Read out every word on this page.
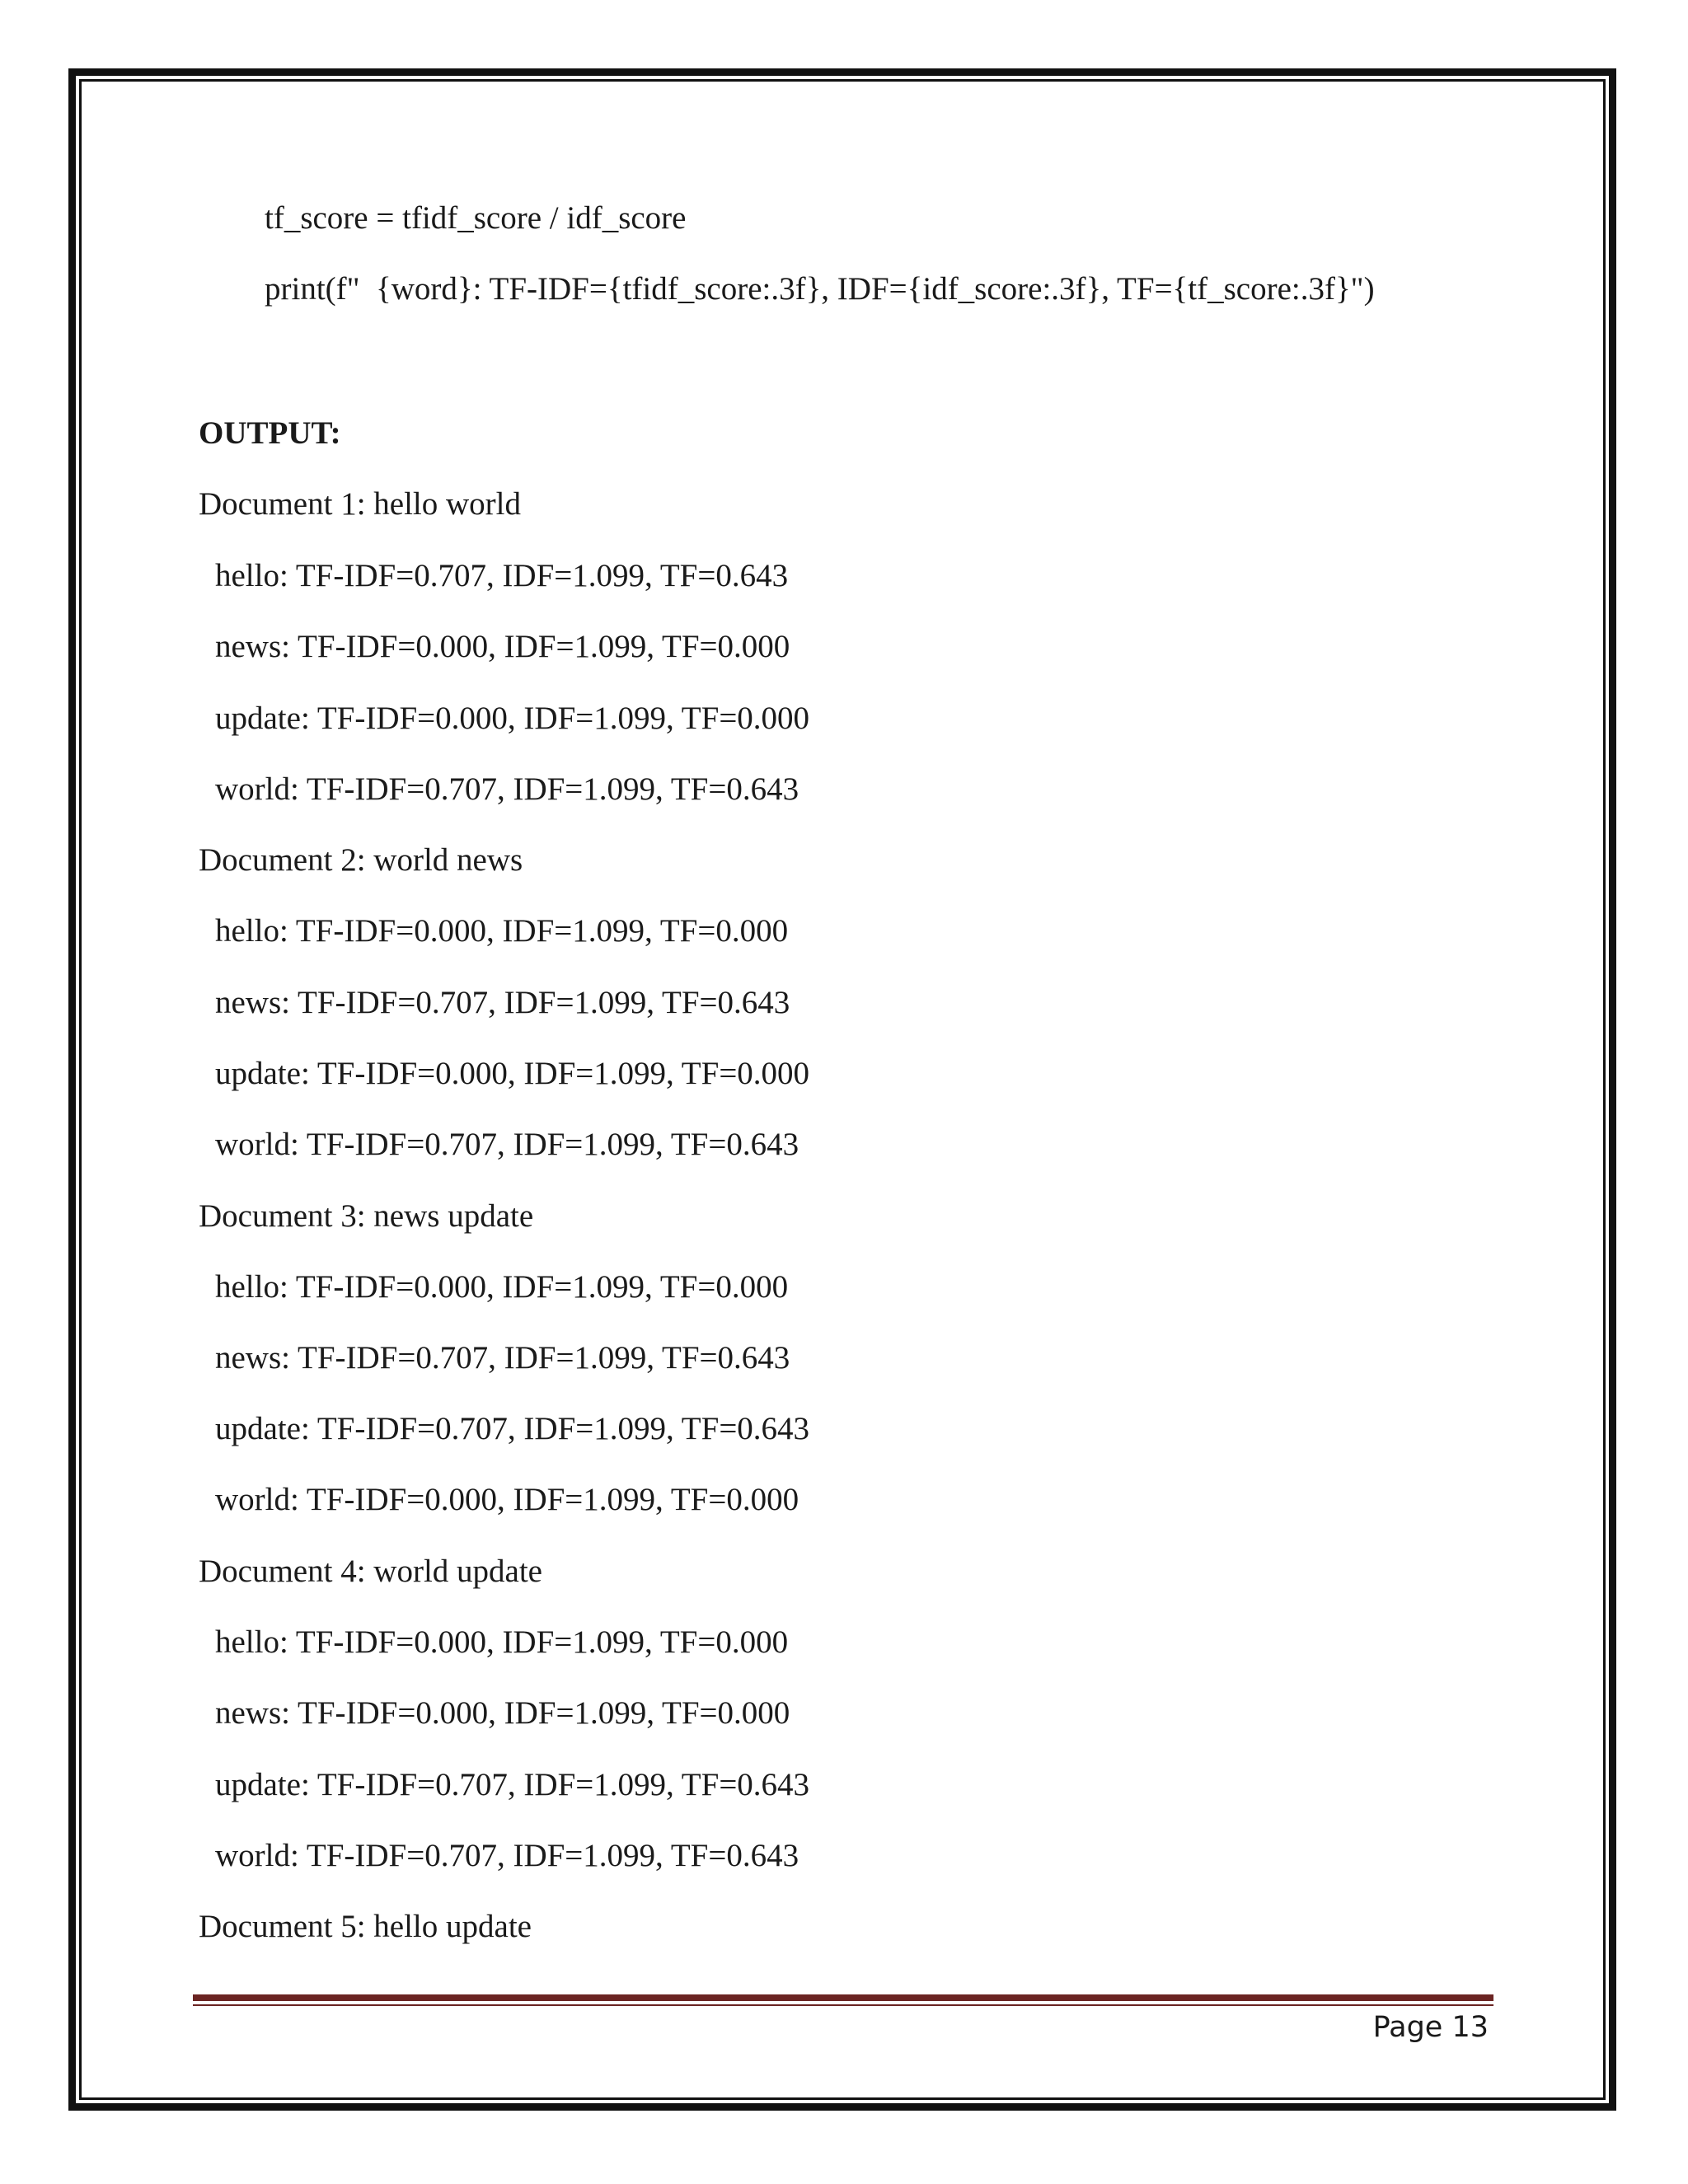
tf_score = tfidf_score / idf_score
print(f"  {word}: TF-IDF={tfidf_score:.3f}, IDF={idf_score:.3f}, TF={tf_score:.3f}")
OUTPUT:
Document 1: hello world
hello: TF-IDF=0.707, IDF=1.099, TF=0.643
news: TF-IDF=0.000, IDF=1.099, TF=0.000
update: TF-IDF=0.000, IDF=1.099, TF=0.000
world: TF-IDF=0.707, IDF=1.099, TF=0.643
Document 2: world news
hello: TF-IDF=0.000, IDF=1.099, TF=0.000
news: TF-IDF=0.707, IDF=1.099, TF=0.643
update: TF-IDF=0.000, IDF=1.099, TF=0.000
world: TF-IDF=0.707, IDF=1.099, TF=0.643
Document 3: news update
hello: TF-IDF=0.000, IDF=1.099, TF=0.000
news: TF-IDF=0.707, IDF=1.099, TF=0.643
update: TF-IDF=0.707, IDF=1.099, TF=0.643
world: TF-IDF=0.000, IDF=1.099, TF=0.000
Document 4: world update
hello: TF-IDF=0.000, IDF=1.099, TF=0.000
news: TF-IDF=0.000, IDF=1.099, TF=0.000
update: TF-IDF=0.707, IDF=1.099, TF=0.643
world: TF-IDF=0.707, IDF=1.099, TF=0.643
Document 5: hello update
Page 13
